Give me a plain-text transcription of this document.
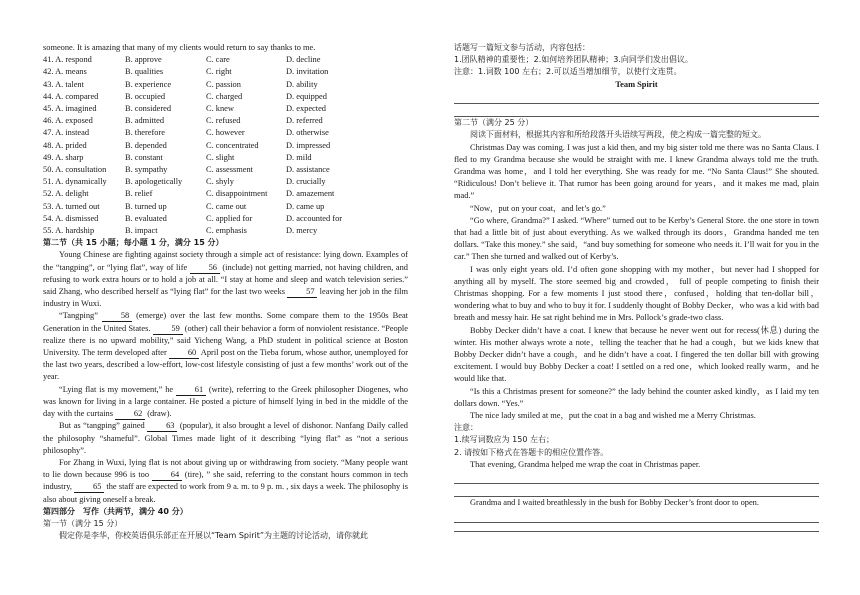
someone. It is amazing that many of my clients would return to say thanks to me.

41. A. respond	B. approve	C. care	D. decline
42. A. means	B. qualities	C. right	D. invitation
43. A. talent	B. experience	C. passion	D. ability
44. A. compared	B. occupied	C. charged	D. equipped
45. A. imagined	B. considered	C. knew	D. expected
46. A. exposed	B. admitted	C. refused	D. referred
47. A. instead	B. therefore	C. however	D. otherwise
48. A. prided	B. depended	C. concentrated	D. impressed
49. A. sharp	B. constant	C. slight	D. mild
50. A. consultation	B. sympathy	C. assessment	D. assistance
51. A. dynamically	B. apologetically	C. shyly	D. crucially
52. A. delight	B. relief	C. disappointment	D. amazement
53. A. turned out	B. turned up	C. came out	D. came up
54. A. dismissed	B. evaluated	C. applied for	D. accounted for
55. A. hardship	B. impact	C. emphasis	D. mercy

第二节（共 15 小题；每小题 1 分，满分 15 分）

Young Chinese are fighting against society through a simple act of resistance: lying down. Examples of the “tangping”, or “lying flat”, way of life 56 (include) not getting married, not having children, and refusing to work extra hours or to hold a job at all. “I stay at home and sleep and watch television series.” said Zhang, who described herself as “lying flat” for the last two weeks 57 leaving her job in the film industry in Wuxi.

“Tangping” 58 (emerge) over the last few months. Some compare them to the 1950s Beat Generation in the United States. 59 (other) call their behavior a form of nonviolent resistance. “People realize there is no upward mobility,” said Yicheng Wang, a PhD student in political science at Boston University. The term developed after 60 April post on the Tieba forum, whose author, unemployed for the last two years, described a low-effort, low-cost lifestyle consisting of just a few months’ work out of the year.

“Lying flat is my movement,” he 61 (write), referring to the Greek philosopher Diogenes, who was known for living in a large container. He posted a picture of himself lying in bed in the middle of the day with the curtains 62 (draw).

But as “tangping” gained 63 (popular), it also brought a level of dishonor. Nanfang Daily called the philosophy “shameful”. Global Times made light of it describing “lying flat” as “not a serious philosophy”.

For Zhang in Wuxi, lying flat is not about giving up or withdrawing from society. “Many people want to lie down because 996 is too 64 (tire), ” she said, referring to the constant hours common in tech industry, 65 the staff are expected to work from 9 a. m. to 9 p. m. , six days a week. The philosophy is also about giving oneself a break.

第四部分　写作（共两节，满分 40 分）

第一节（满分 15 分）

假定你是李华，你校英语俱乐部正在开展以“Team Spirit”为主题的讨论活动，请你就此

话题写一篇短文参与活动，内容包括：

1.团队精神的重要性；2.如何培养团队精神；3.向同学们发出倡议。

注意：1.词数 100 左右；2.可以适当增加细节，以使行文连贯。

Team Spirit

第二节（满分 25 分）

阅读下面材料，根据其内容和所给段落开头语续写两段，使之构成一篇完整的短文。

Christmas Day was coming. I was just a kid then, and my big sister told me there was no Santa Claus. I fled to my Grandma because she would be straight with me. I knew Grandma always told me the truth. Grandma was home，and I told her everything. She was ready for me. “No Santa Claus!” She shouted. “Ridiculous! Don’t believe it. That rumor has been going around for years，and it makes me mad, plain mad.”

“Now，put on your coat，and let’s go.”

“Go where, Grandma?” I asked. “Where” turned out to be Kerby’s General Store. the one store in town that had a little bit of just about everything. As we walked through its doors，Grandma handed me ten dollars. “Take this money.” she said，“and buy something for someone who needs it. I’ll wait for you in the car.” Then she turned and walked out of Kerby’s.

I was only eight years old. I’d often gone shopping with my mother，but never had I shopped for anything all by myself. The store seemed big and crowded， full of people competing to finish their Christmas shopping. For a few moments I just stood there，confused，holding that ten-dollar bill，wondering what to buy and who to buy it for. I suddenly thought of Bobby Decker，who was a kid with bad breath and messy hair. He sat right behind me in Mrs. Pollock’s grade-two class.

Bobby Decker didn’t have a coat. I knew that because he never went out for recess(休息) during the winter. His mother always wrote a note，telling the teacher that he had a cough，but we kids knew that Bobby Decker didn’t have a cough，and he didn’t have a coat. I fingered the ten dollar bill with growing excitement. I would buy Bobby Decker a coat! I settled on a red one，which looked really warm，and he would like that.

“Is this a Christmas present for someone?” the lady behind the counter asked kindly，as I laid my ten dollars down. “Yes.”

The nice lady smiled at me，put the coat in a bag and wished me a Merry Christmas.

注意：

1.续写词数应为 150 左右；

2. 请按如下格式在答题卡的相应位置作答。

That evening, Grandma helped me wrap the coat in Christmas paper.

Grandma and I waited breathlessly in the bush for Bobby Decker’s front door to open.
